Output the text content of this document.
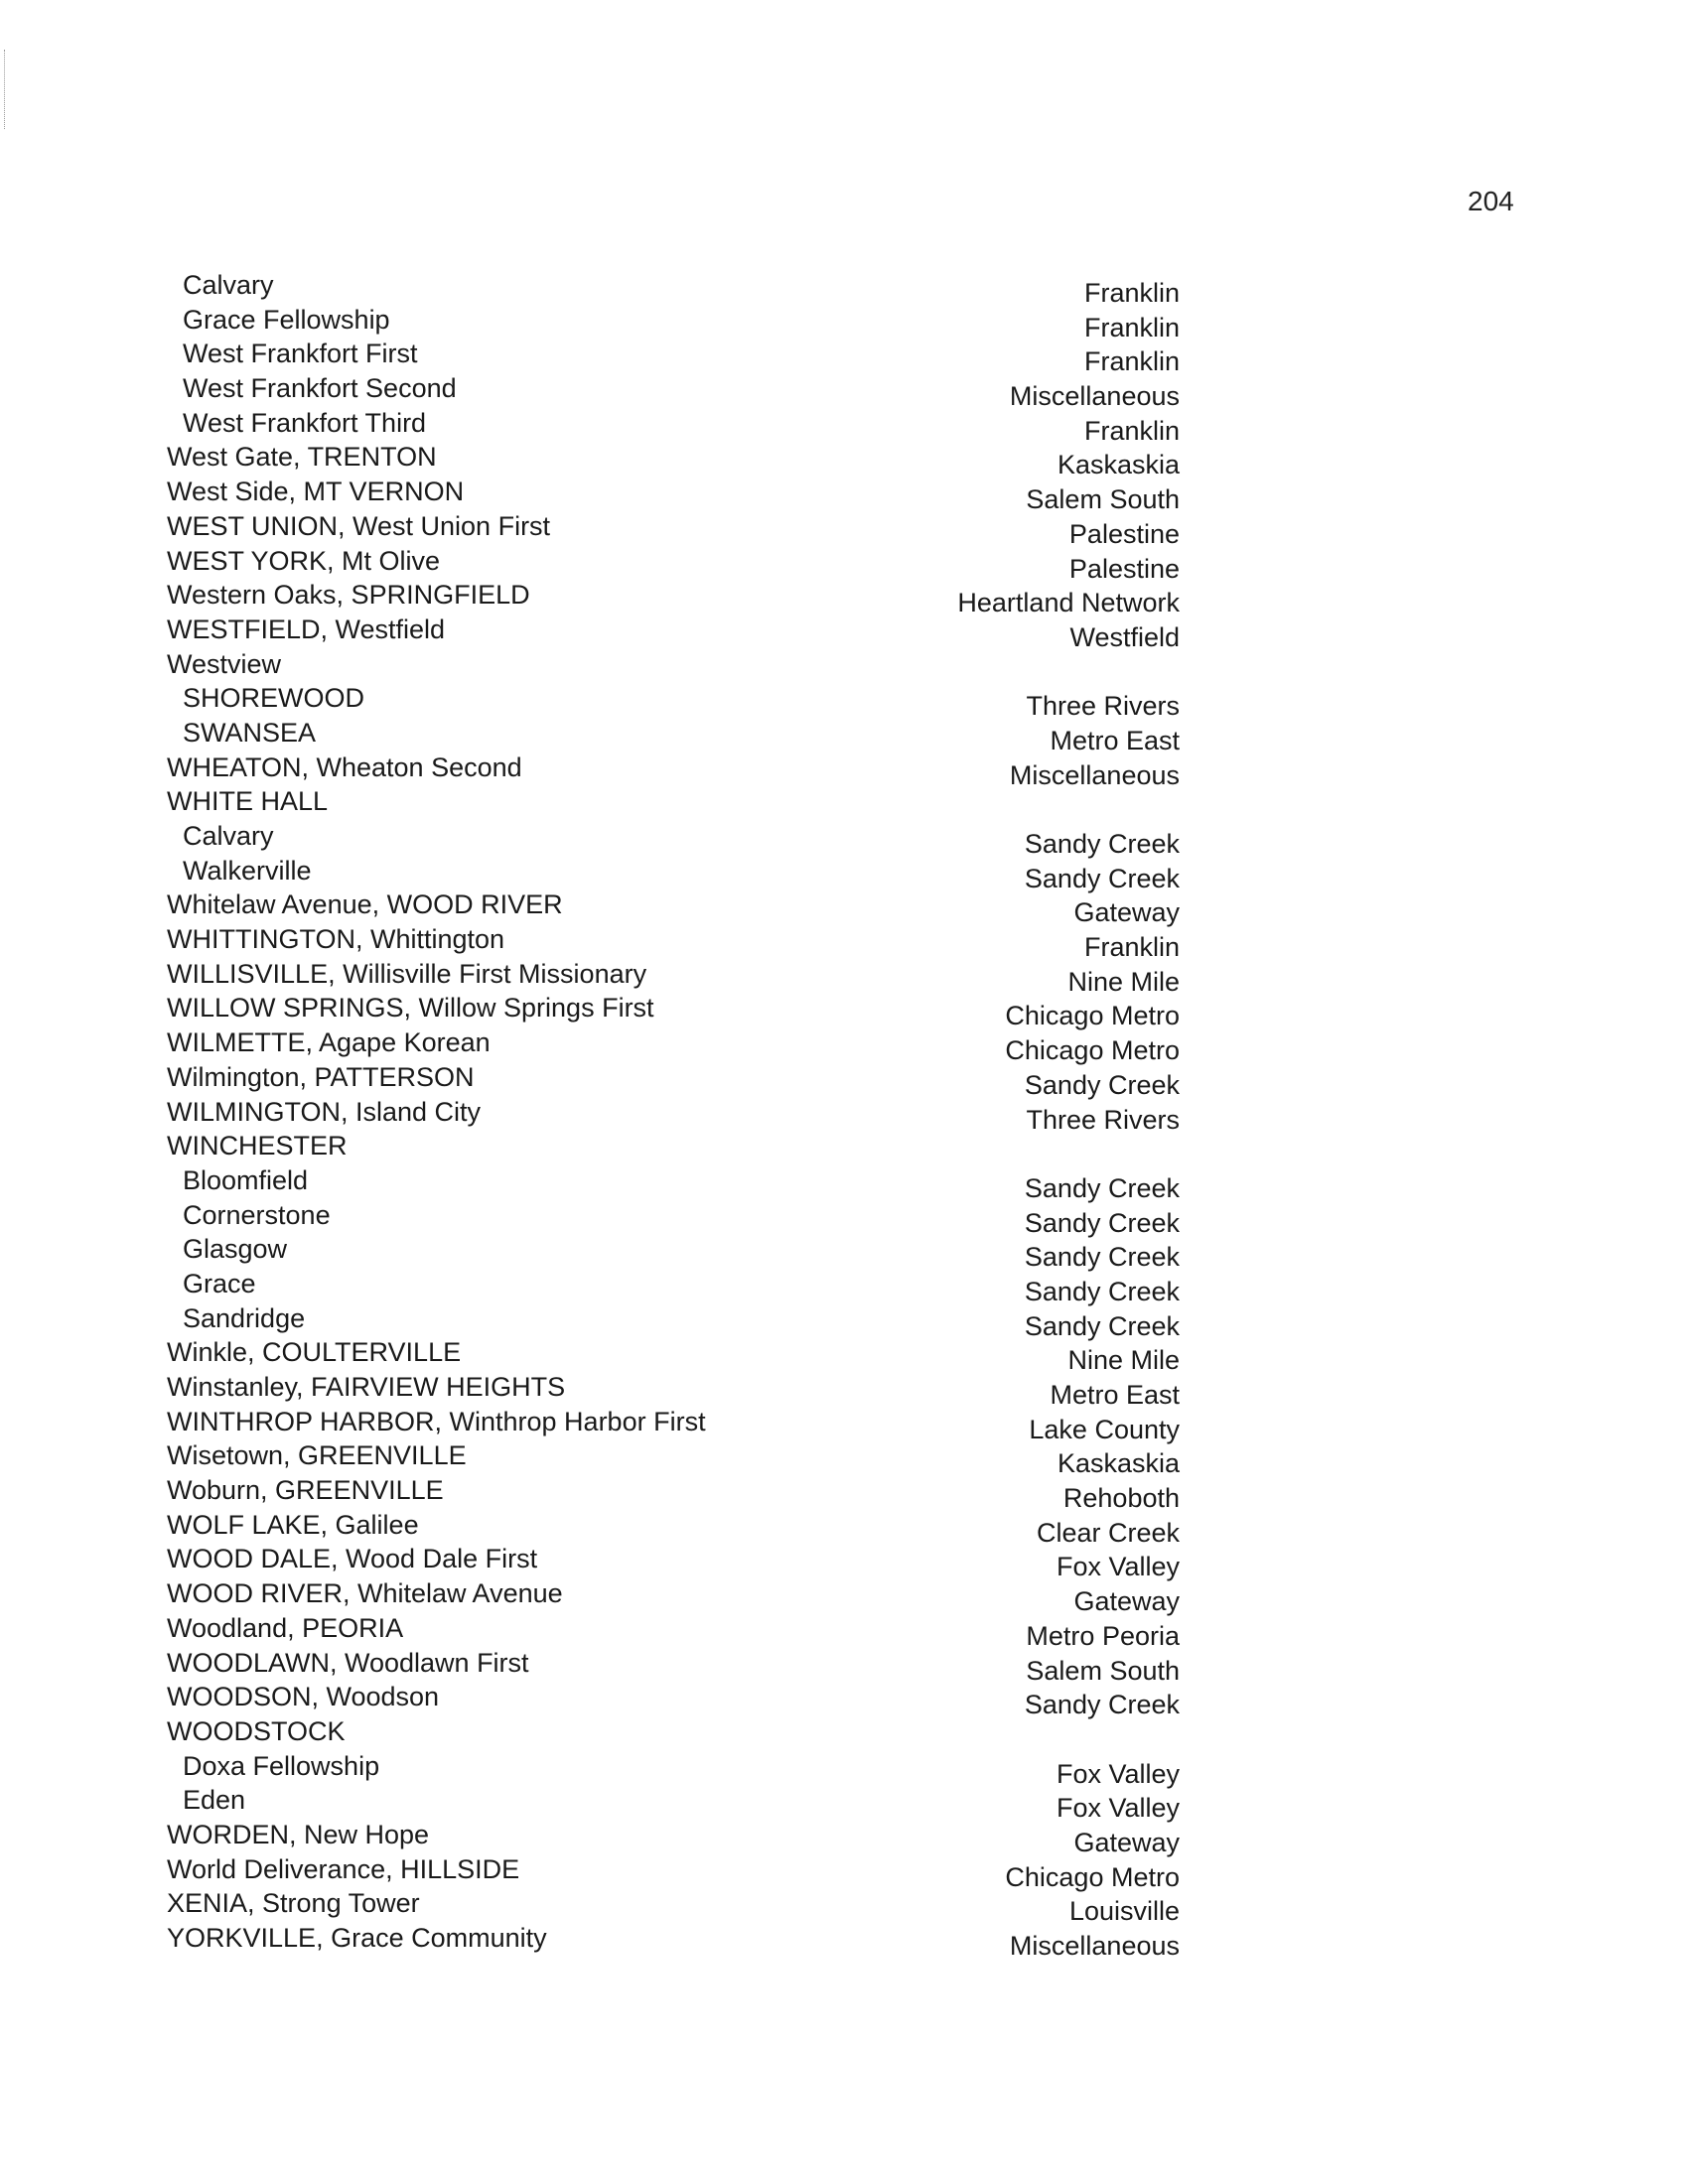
204
Calvary	Franklin
Grace Fellowship	Franklin
West Frankfort First	Franklin
West Frankfort Second	Miscellaneous
West Frankfort Third	Franklin
West Gate, TRENTON	Kaskaskia
West Side, MT VERNON	Salem South
WEST UNION, West Union First	Palestine
WEST YORK, Mt Olive	Palestine
Western Oaks, SPRINGFIELD	Heartland Network
WESTFIELD, Westfield	Westfield
Westview
SHOREWOOD	Three Rivers
SWANSEA	Metro East
WHEATON, Wheaton Second	Miscellaneous
WHITE HALL
Calvary	Sandy Creek
Walkerville	Sandy Creek
Whitelaw Avenue, WOOD RIVER	Gateway
WHITTINGTON, Whittington	Franklin
WILLISVILLE, Willisville First Missionary	Nine Mile
WILLOW SPRINGS, Willow Springs First	Chicago Metro
WILMETTE, Agape Korean	Chicago Metro
Wilmington, PATTERSON	Sandy Creek
WILMINGTON, Island City	Three Rivers
WINCHESTER
Bloomfield	Sandy Creek
Cornerstone	Sandy Creek
Glasgow	Sandy Creek
Grace	Sandy Creek
Sandridge	Sandy Creek
Winkle, COULTERVILLE	Nine Mile
Winstanley, FAIRVIEW HEIGHTS	Metro East
WINTHROP HARBOR, Winthrop Harbor First	Lake County
Wisetown, GREENVILLE	Kaskaskia
Woburn, GREENVILLE	Rehoboth
WOLF LAKE, Galilee	Clear Creek
WOOD DALE, Wood Dale First	Fox Valley
WOOD RIVER, Whitelaw Avenue	Gateway
Woodland, PEORIA	Metro Peoria
WOODLAWN, Woodlawn First	Salem South
WOODSON, Woodson	Sandy Creek
WOODSTOCK
Doxa Fellowship	Fox Valley
Eden	Fox Valley
WORDEN, New Hope	Gateway
World Deliverance, HILLSIDE	Chicago Metro
XENIA, Strong Tower	Louisville
YORKVILLE, Grace Community	Miscellaneous
